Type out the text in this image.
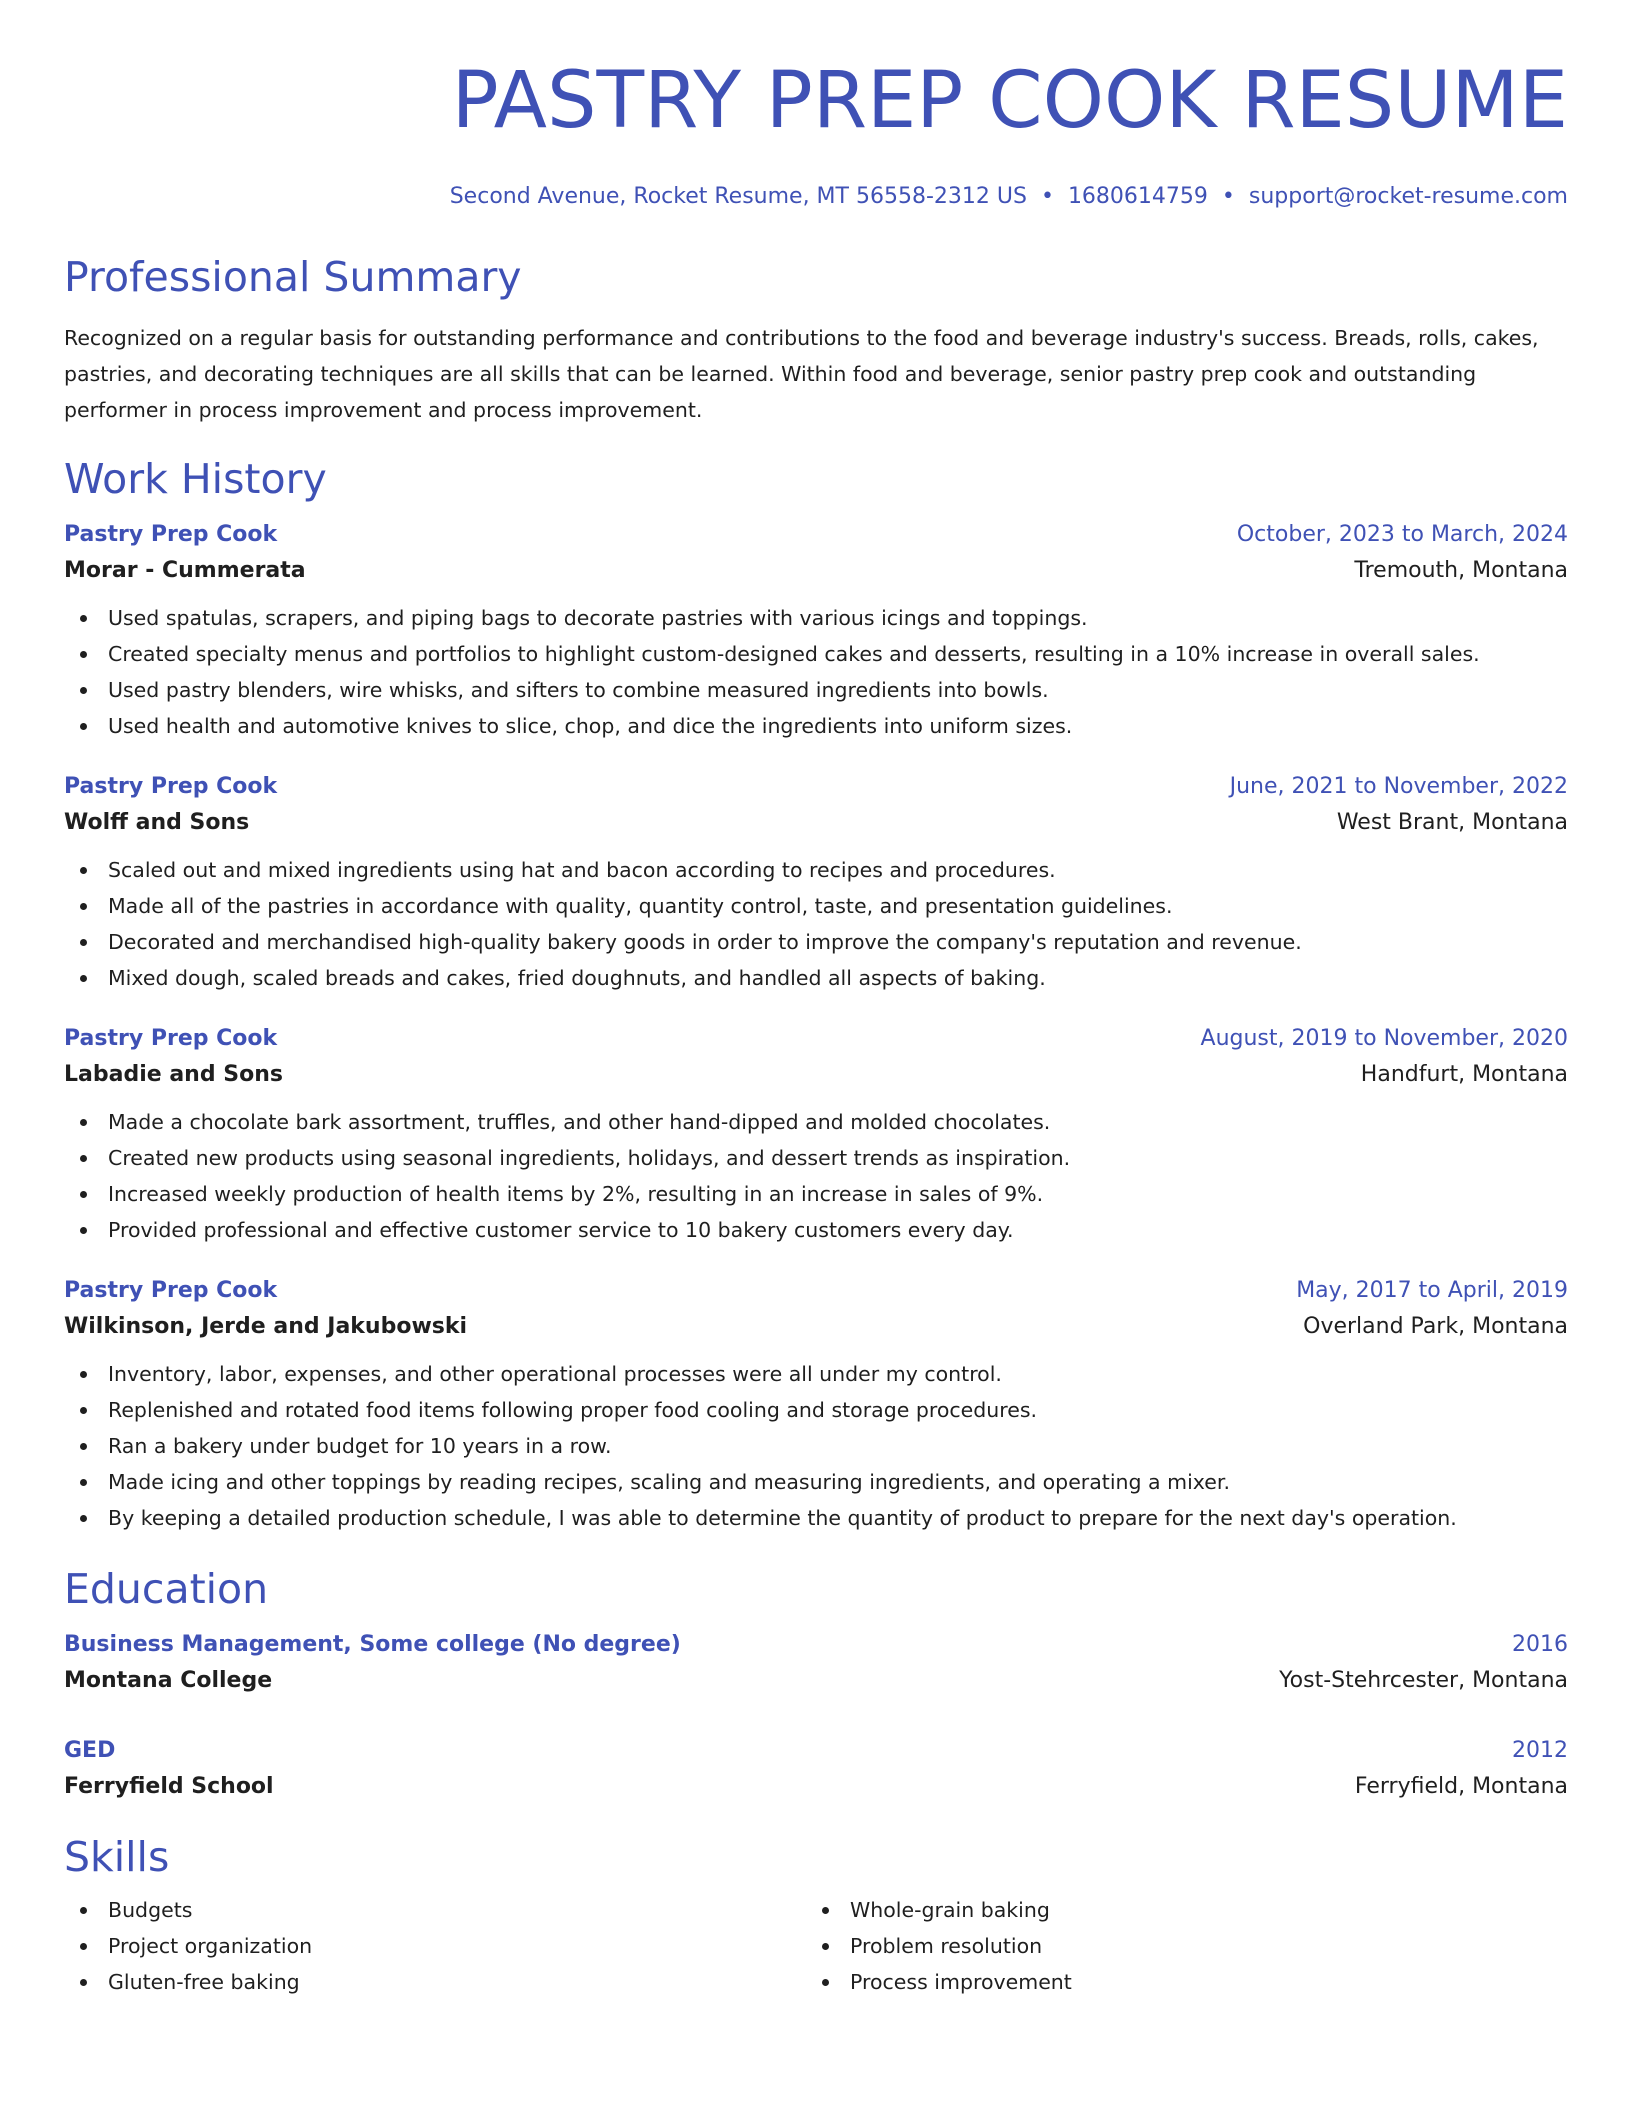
PASTRY PREP COOK RESUME
Second Avenue, Rocket Resume, MT 56558-2312 US • 1680614759 • support@rocket-resume.com
Professional Summary
Recognized on a regular basis for outstanding performance and contributions to the food and beverage industry's success. Breads, rolls, cakes, pastries, and decorating techniques are all skills that can be learned. Within food and beverage, senior pastry prep cook and outstanding performer in process improvement and process improvement.
Work History
Pastry Prep Cook	October, 2023 to March, 2024
Morar - Cummerata	Tremouth, Montana
Used spatulas, scrapers, and piping bags to decorate pastries with various icings and toppings.
Created specialty menus and portfolios to highlight custom-designed cakes and desserts, resulting in a 10% increase in overall sales.
Used pastry blenders, wire whisks, and sifters to combine measured ingredients into bowls.
Used health and automotive knives to slice, chop, and dice the ingredients into uniform sizes.
Pastry Prep Cook	June, 2021 to November, 2022
Wolff and Sons	West Brant, Montana
Scaled out and mixed ingredients using hat and bacon according to recipes and procedures.
Made all of the pastries in accordance with quality, quantity control, taste, and presentation guidelines.
Decorated and merchandised high-quality bakery goods in order to improve the company's reputation and revenue.
Mixed dough, scaled breads and cakes, fried doughnuts, and handled all aspects of baking.
Pastry Prep Cook	August, 2019 to November, 2020
Labadie and Sons	Handfurt, Montana
Made a chocolate bark assortment, truffles, and other hand-dipped and molded chocolates.
Created new products using seasonal ingredients, holidays, and dessert trends as inspiration.
Increased weekly production of health items by 2%, resulting in an increase in sales of 9%.
Provided professional and effective customer service to 10 bakery customers every day.
Pastry Prep Cook	May, 2017 to April, 2019
Wilkinson, Jerde and Jakubowski	Overland Park, Montana
Inventory, labor, expenses, and other operational processes were all under my control.
Replenished and rotated food items following proper food cooling and storage procedures.
Ran a bakery under budget for 10 years in a row.
Made icing and other toppings by reading recipes, scaling and measuring ingredients, and operating a mixer.
By keeping a detailed production schedule, I was able to determine the quantity of product to prepare for the next day's operation.
Education
Business Management, Some college (No degree)	2016
Montana College	Yost-Stehrcester, Montana
GED	2012
Ferryfield School	Ferryfield, Montana
Skills
Budgets
Project organization
Gluten-free baking
Whole-grain baking
Problem resolution
Process improvement
